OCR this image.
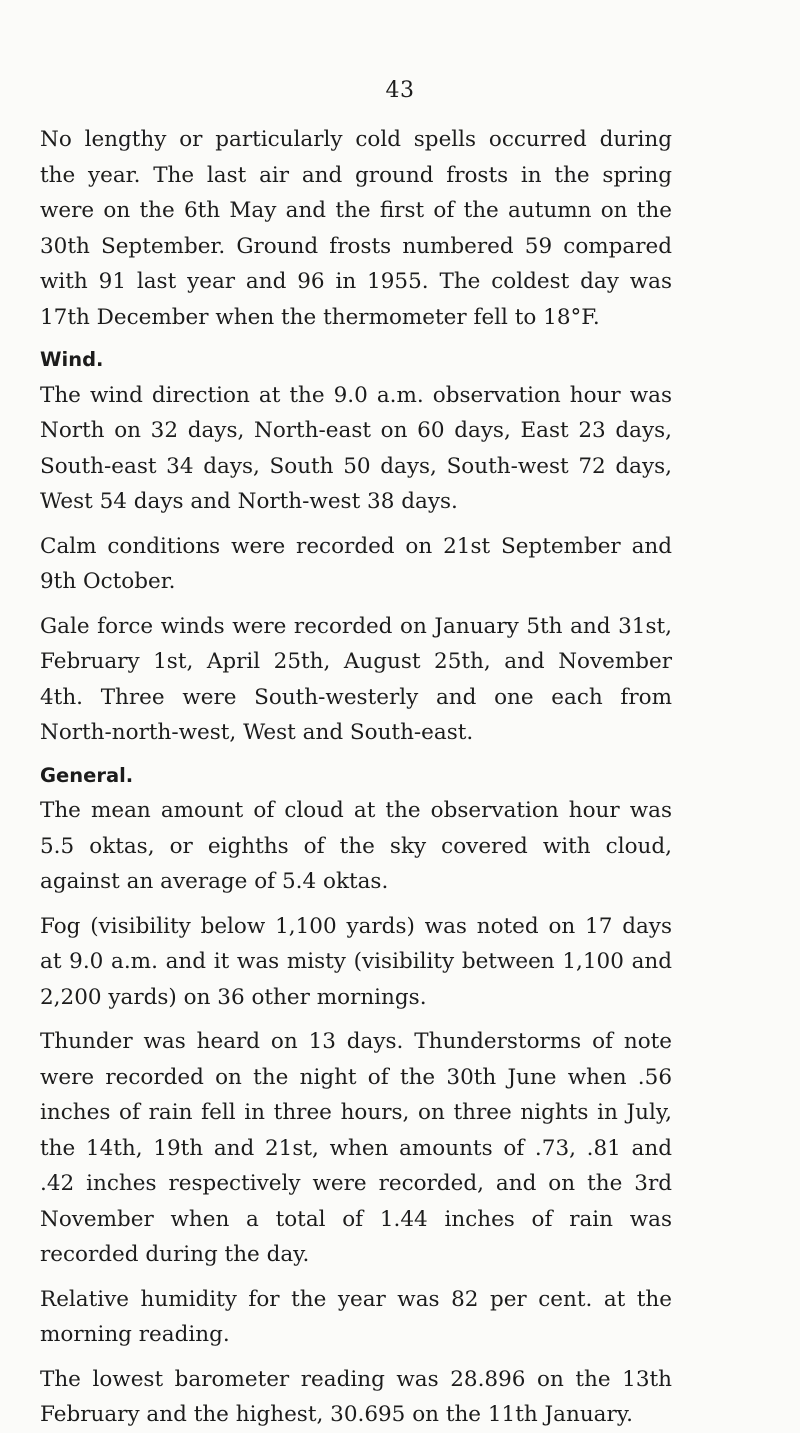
43

No lengthy or particularly cold spells occurred during the year. The last air and ground frosts in the spring were on the 6th May and the first of the autumn on the 30th September. Ground frosts numbered 59 compared with 91 last year and 96 in 1955. The coldest day was 17th December when the thermometer fell to 18°F.

Wind.

The wind direction at the 9.0 a.m. observation hour was North on 32 days, North-east on 60 days, East 23 days, South-east 34 days, South 50 days, South-west 72 days, West 54 days and North-west 38 days.

Calm conditions were recorded on 21st September and 9th October.

Gale force winds were recorded on January 5th and 31st, February 1st, April 25th, August 25th, and November 4th. Three were South-westerly and one each from North-north-west, West and South-east.

General.

The mean amount of cloud at the observation hour was 5.5 oktas, or eighths of the sky covered with cloud, against an average of 5.4 oktas.

Fog (visibility below 1,100 yards) was noted on 17 days at 9.0 a.m. and it was misty (visibility between 1,100 and 2,200 yards) on 36 other mornings.

Thunder was heard on 13 days. Thunderstorms of note were recorded on the night of the 30th June when .56 inches of rain fell in three hours, on three nights in July, the 14th, 19th and 21st, when amounts of .73, .81 and .42 inches respectively were recorded, and on the 3rd November when a total of 1.44 inches of rain was recorded during the day.

Relative humidity for the year was 82 per cent. at the morning reading.

The lowest barometer reading was 28.896 on the 13th February and the highest, 30.695 on the 11th January.
